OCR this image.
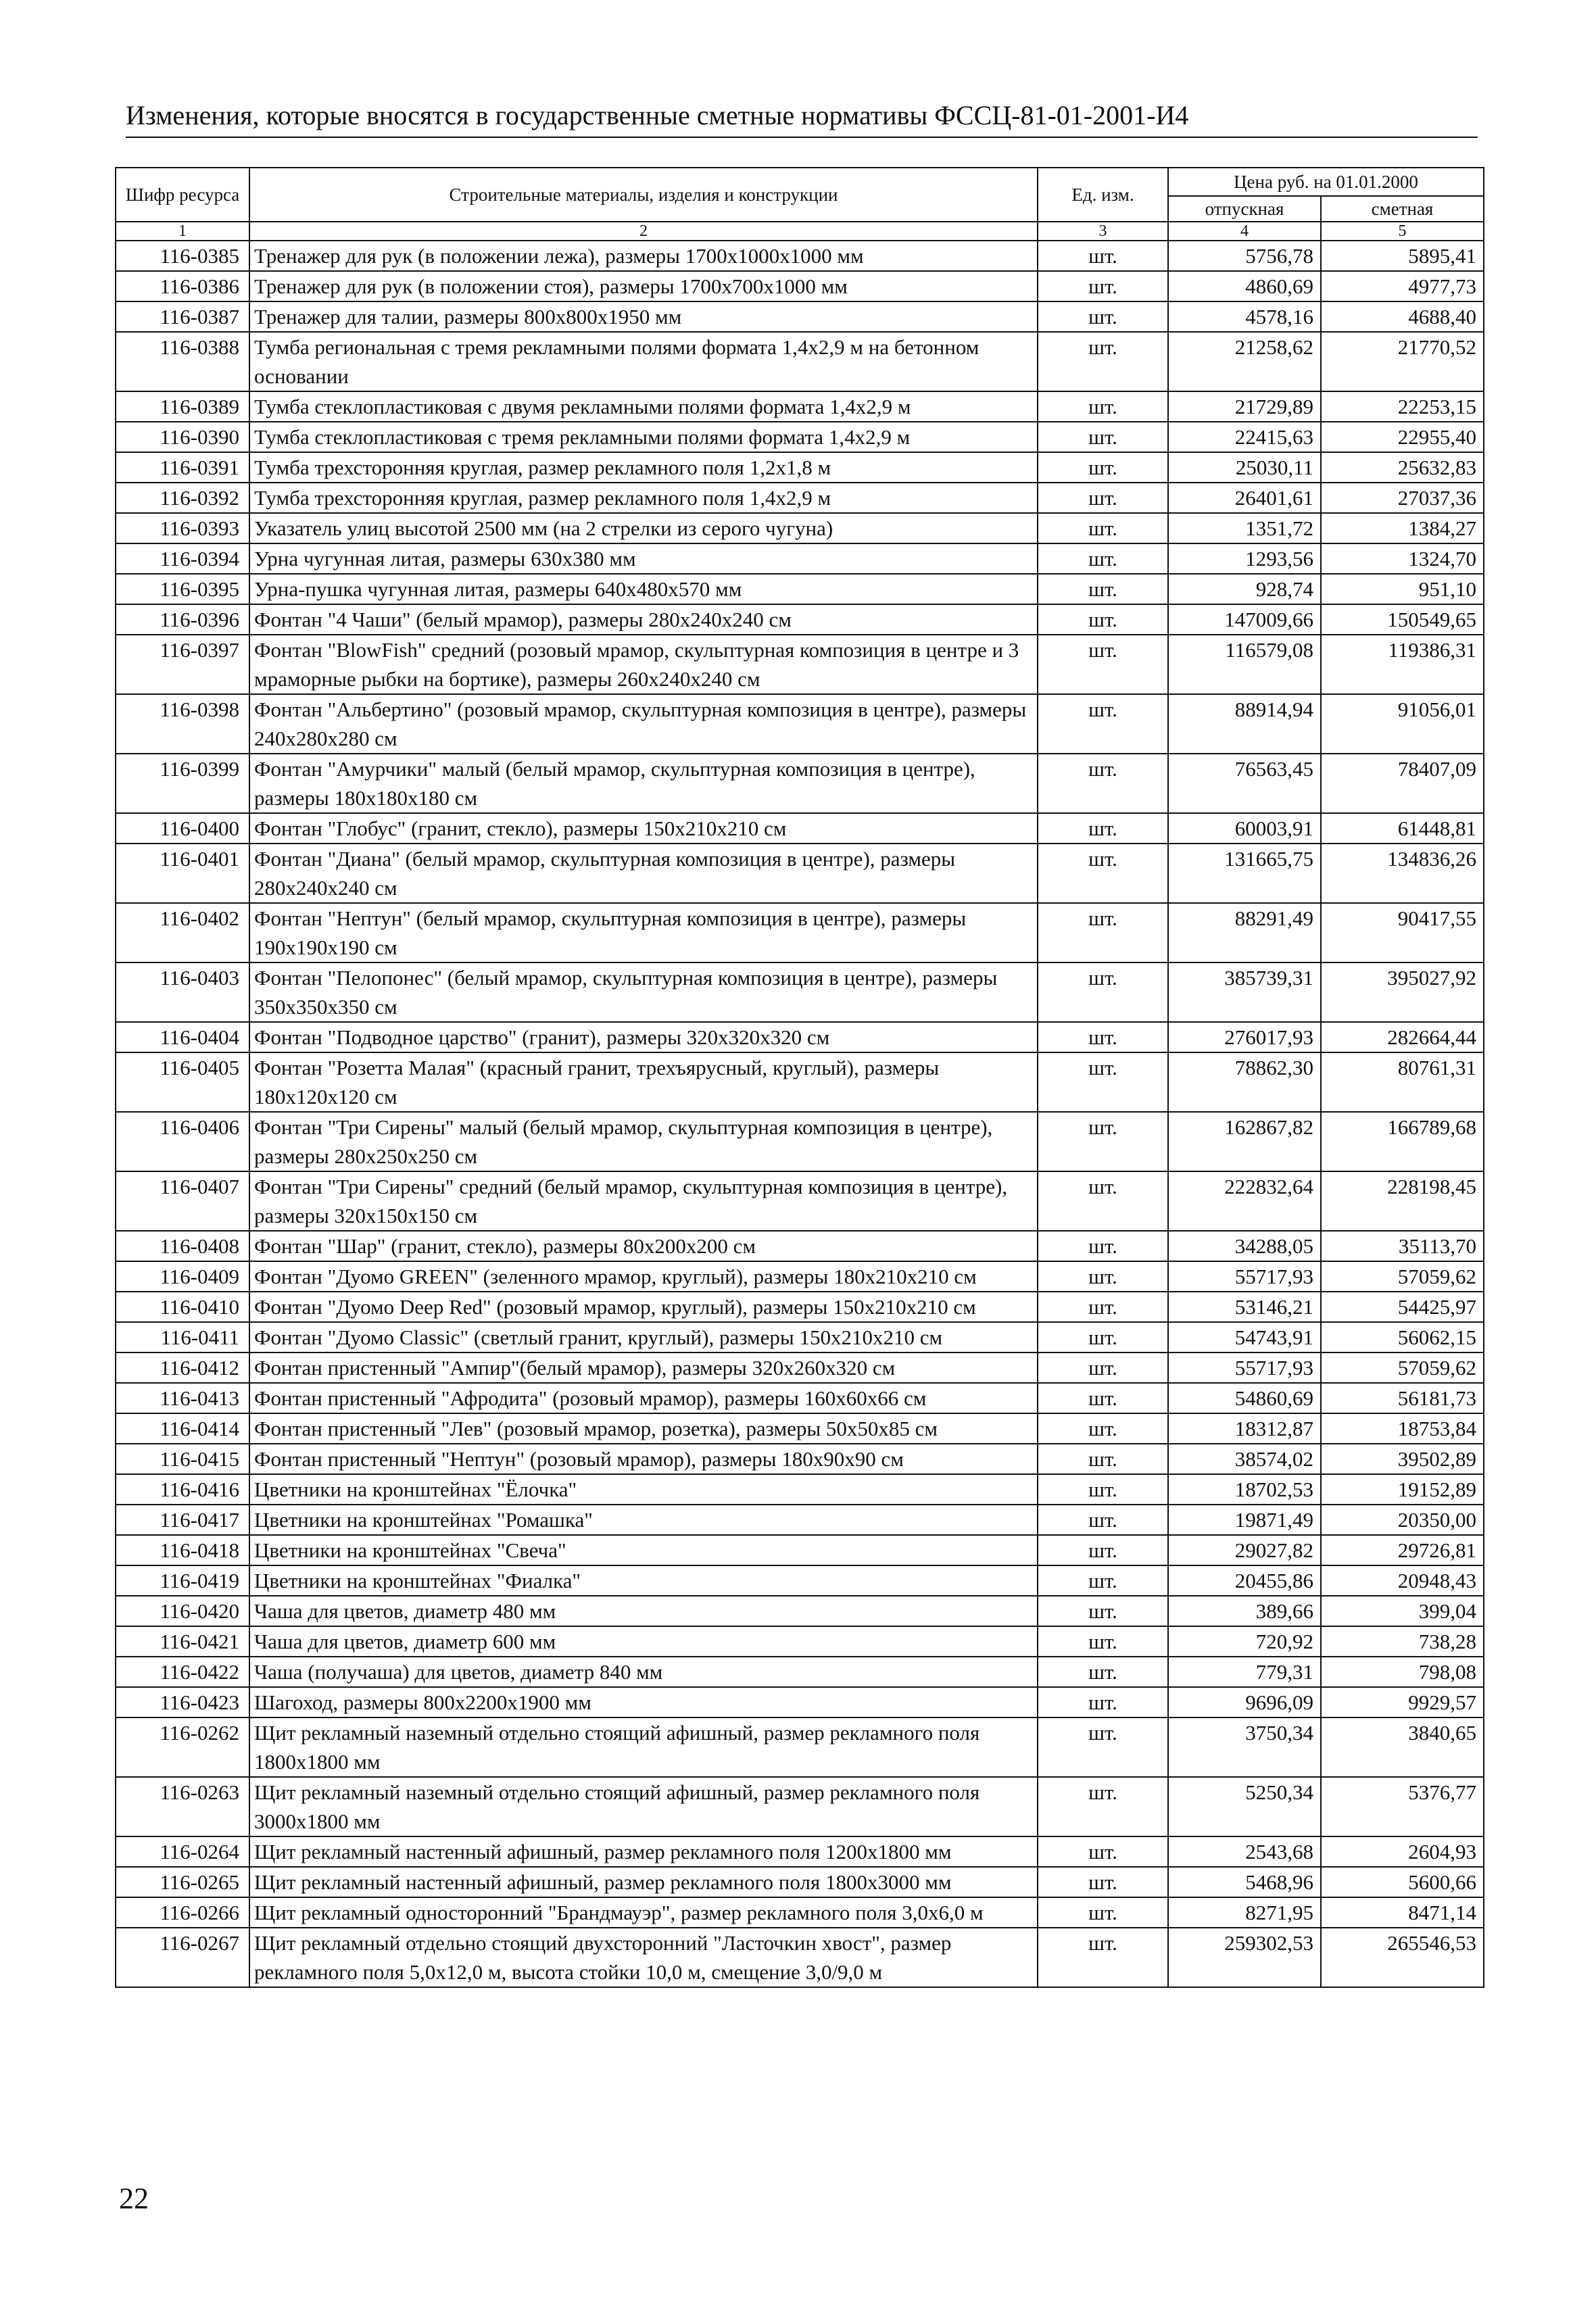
Изменения, которые вносятся в государственные сметные нормативы ФССЦ-81-01-2001-И4
Шифр ресурса	Строительные материалы, изделия и конструкции	Ед. изм.	Цена руб. на 01.01.2000	
			отпускная	сметная
1	2	3	4	5
116-0385	Тренажер для рук (в положении лежа), размеры 1700х1000х1000 мм	шт.	5756,78	5895,41
116-0386	Тренажер для рук (в положении стоя), размеры 1700х700х1000 мм	шт.	4860,69	4977,73
116-0387	Тренажер для талии, размеры 800х800х1950 мм	шт.	4578,16	4688,40
116-0388	Тумба региональная с тремя рекламными полями формата 1,4х2,9 м на бетонном основании	шт.	21258,62	21770,52
116-0389	Тумба стеклопластиковая с двумя рекламными полями формата 1,4х2,9 м	шт.	21729,89	22253,15
116-0390	Тумба стеклопластиковая с тремя рекламными полями формата 1,4х2,9 м	шт.	22415,63	22955,40
116-0391	Тумба трехсторонняя круглая, размер рекламного поля 1,2х1,8 м	шт.	25030,11	25632,83
116-0392	Тумба трехсторонняя круглая, размер рекламного поля 1,4х2,9 м	шт.	26401,61	27037,36
116-0393	Указатель улиц высотой 2500 мм (на 2 стрелки из серого чугуна)	шт.	1351,72	1384,27
116-0394	Урна чугунная литая, размеры 630х380 мм	шт.	1293,56	1324,70
116-0395	Урна-пушка чугунная литая, размеры 640х480х570 мм	шт.	928,74	951,10
116-0396	Фонтан "4 Чаши" (белый мрамор), размеры 280х240х240 см	шт.	147009,66	150549,65
116-0397	Фонтан "BlowFish" средний (розовый мрамор, скульптурная композиция в центре и 3 мраморные рыбки на бортике), размеры 260х240х240 см	шт.	116579,08	119386,31
116-0398	Фонтан "Альбертино" (розовый мрамор, скульптурная композиция в центре), размеры 240х280х280 см	шт.	88914,94	91056,01
116-0399	Фонтан "Амурчики" малый (белый мрамор, скульптурная композиция в центре), размеры 180х180х180 см	шт.	76563,45	78407,09
116-0400	Фонтан "Глобус" (гранит, стекло), размеры 150х210х210 см	шт.	60003,91	61448,81
116-0401	Фонтан "Диана" (белый мрамор, скульптурная композиция в центре), размеры 280х240х240 см	шт.	131665,75	134836,26
116-0402	Фонтан "Нептун" (белый мрамор, скульптурная композиция в центре), размеры 190х190х190 см	шт.	88291,49	90417,55
116-0403	Фонтан "Пелопонес" (белый мрамор, скульптурная композиция в центре), размеры 350х350х350 см	шт.	385739,31	395027,92
116-0404	Фонтан "Подводное царство" (гранит), размеры 320х320х320 см	шт.	276017,93	282664,44
116-0405	Фонтан "Розетта Малая" (красный гранит, трехъярусный, круглый), размеры 180х120х120 см	шт.	78862,30	80761,31
116-0406	Фонтан "Три Сирены" малый (белый мрамор, скульптурная композиция в центре), размеры 280х250х250 см	шт.	162867,82	166789,68
116-0407	Фонтан "Три Сирены" средний (белый мрамор, скульптурная композиция в центре), размеры 320х150х150 см	шт.	222832,64	228198,45
116-0408	Фонтан "Шар" (гранит, стекло), размеры 80х200х200 см	шт.	34288,05	35113,70
116-0409	Фонтан "Дуомо GREEN" (зеленного мрамор, круглый), размеры 180х210х210 см	шт.	55717,93	57059,62
116-0410	Фонтан "Дуомо Deep Red" (розовый мрамор, круглый), размеры 150х210х210 см	шт.	53146,21	54425,97
116-0411	Фонтан "Дуомо Classic" (светлый гранит, круглый), размеры 150х210х210 см	шт.	54743,91	56062,15
116-0412	Фонтан пристенный "Ампир"(белый мрамор), размеры 320х260х320 см	шт.	55717,93	57059,62
116-0413	Фонтан пристенный "Афродита" (розовый мрамор), размеры 160х60х66 см	шт.	54860,69	56181,73
116-0414	Фонтан пристенный "Лев" (розовый мрамор, розетка), размеры 50х50х85 см	шт.	18312,87	18753,84
116-0415	Фонтан пристенный "Нептун" (розовый мрамор), размеры 180х90х90 см	шт.	38574,02	39502,89
116-0416	Цветники на кронштейнах "Ёлочка"	шт.	18702,53	19152,89
116-0417	Цветники на кронштейнах "Ромашка"	шт.	19871,49	20350,00
116-0418	Цветники на кронштейнах "Свеча"	шт.	29027,82	29726,81
116-0419	Цветники на кронштейнах "Фиалка"	шт.	20455,86	20948,43
116-0420	Чаша для цветов, диаметр 480 мм	шт.	389,66	399,04
116-0421	Чаша для цветов, диаметр 600 мм	шт.	720,92	738,28
116-0422	Чаша (получаша) для цветов, диаметр 840 мм	шт.	779,31	798,08
116-0423	Шагоход, размеры 800х2200х1900 мм	шт.	9696,09	9929,57
116-0262	Щит рекламный наземный отдельно стоящий афишный, размер рекламного поля 1800х1800 мм	шт.	3750,34	3840,65
116-0263	Щит рекламный наземный отдельно стоящий афишный, размер рекламного поля 3000х1800 мм	шт.	5250,34	5376,77
116-0264	Щит рекламный настенный афишный, размер рекламного поля 1200х1800 мм	шт.	2543,68	2604,93
116-0265	Щит рекламный настенный афишный, размер рекламного поля 1800х3000 мм	шт.	5468,96	5600,66
116-0266	Щит рекламный односторонний "Брандмауэр", размер рекламного поля 3,0х6,0 м	шт.	8271,95	8471,14
116-0267	Щит рекламный отдельно стоящий двухсторонний "Ласточкин хвост", размер рекламного поля 5,0х12,0 м, высота стойки 10,0 м, смещение 3,0/9,0 м	шт.	259302,53	265546,53
22
